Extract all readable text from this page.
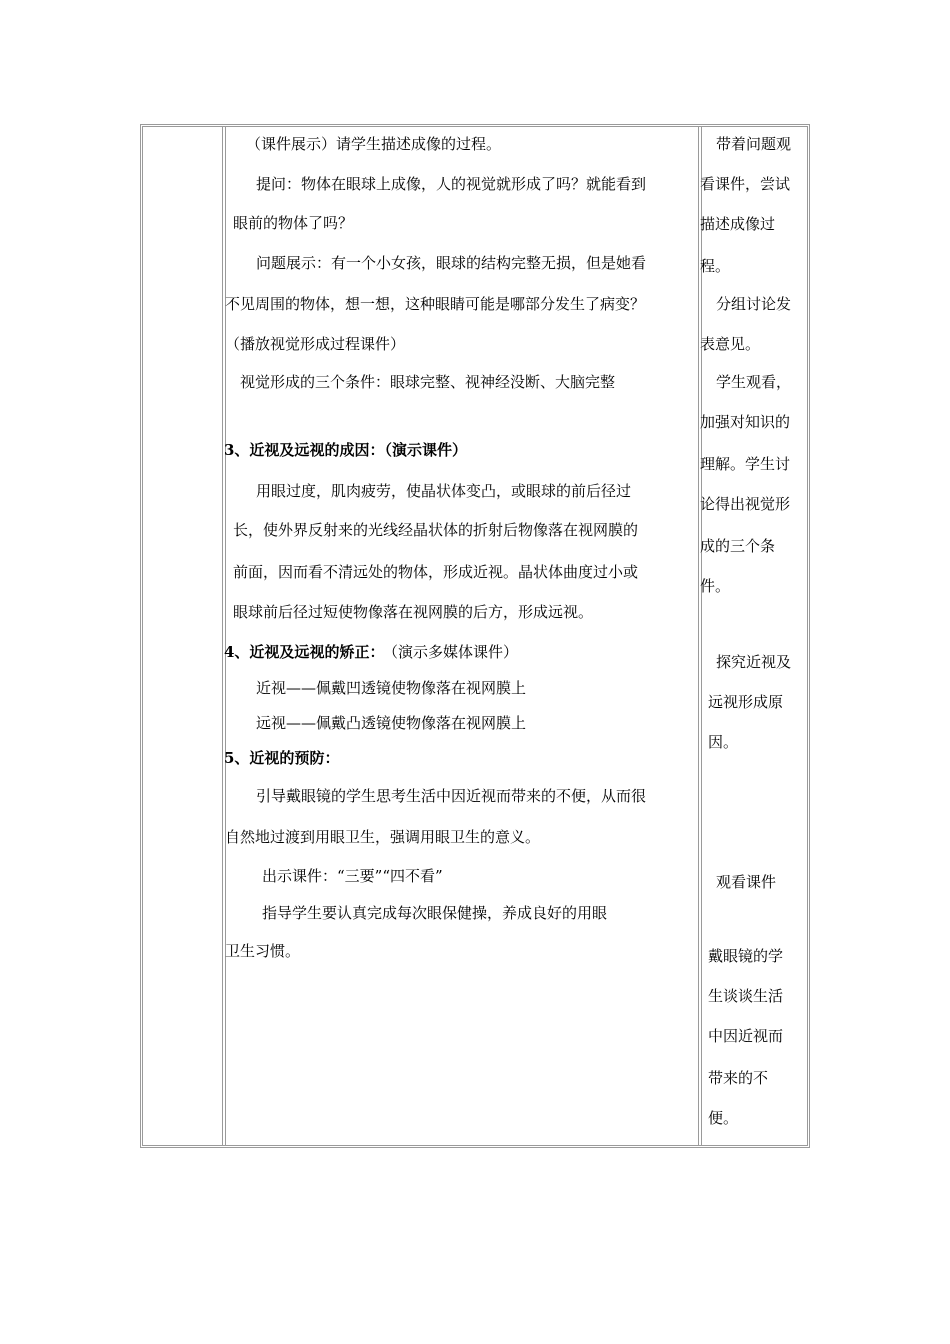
（课件展示）请学生描述成像的过程。
提问：物体在眼球上成像，人的视觉就形成了吗？就能看到
眼前的物体了吗？
问题展示：有一个小女孩，眼球的结构完整无损，但是她看
不见周围的物体，想一想，这种眼睛可能是哪部分发生了病变？
（播放视觉形成过程课件）
视觉形成的三个条件：眼球完整、视神经没断、大脑完整
3、近视及远视的成因：（演示课件）
用眼过度，肌肉疲劳，使晶状体变凸，或眼球的前后径过
长，使外界反射来的光线经晶状体的折射后物像落在视网膜的
前面，因而看不清远处的物体，形成近视。晶状体曲度过小或
眼球前后径过短使物像落在视网膜的后方，形成远视。
4、近视及远视的矫正： （演示多媒体课件）
近视——佩戴凹透镜使物像落在视网膜上
远视——佩戴凸透镜使物像落在视网膜上
5、近视的预防：
引导戴眼镜的学生思考生活中因近视而带来的不便，从而很
自然地过渡到用眼卫生，强调用眼卫生的意义。
出示课件：“三要”“四不看”
指导学生要认真完成每次眼保健操，养成良好的用眼
卫生习惯。
带着问题观
看课件，尝试
描述成像过
程。
分组讨论发
表意见。
学生观看，
加强对知识的
理解。学生讨
论得出视觉形
成的三个条
件。
探究近视及
远视形成原
因。
观看课件
戴眼镜的学
生谈谈生活
中因近视而
带来的不
便。
